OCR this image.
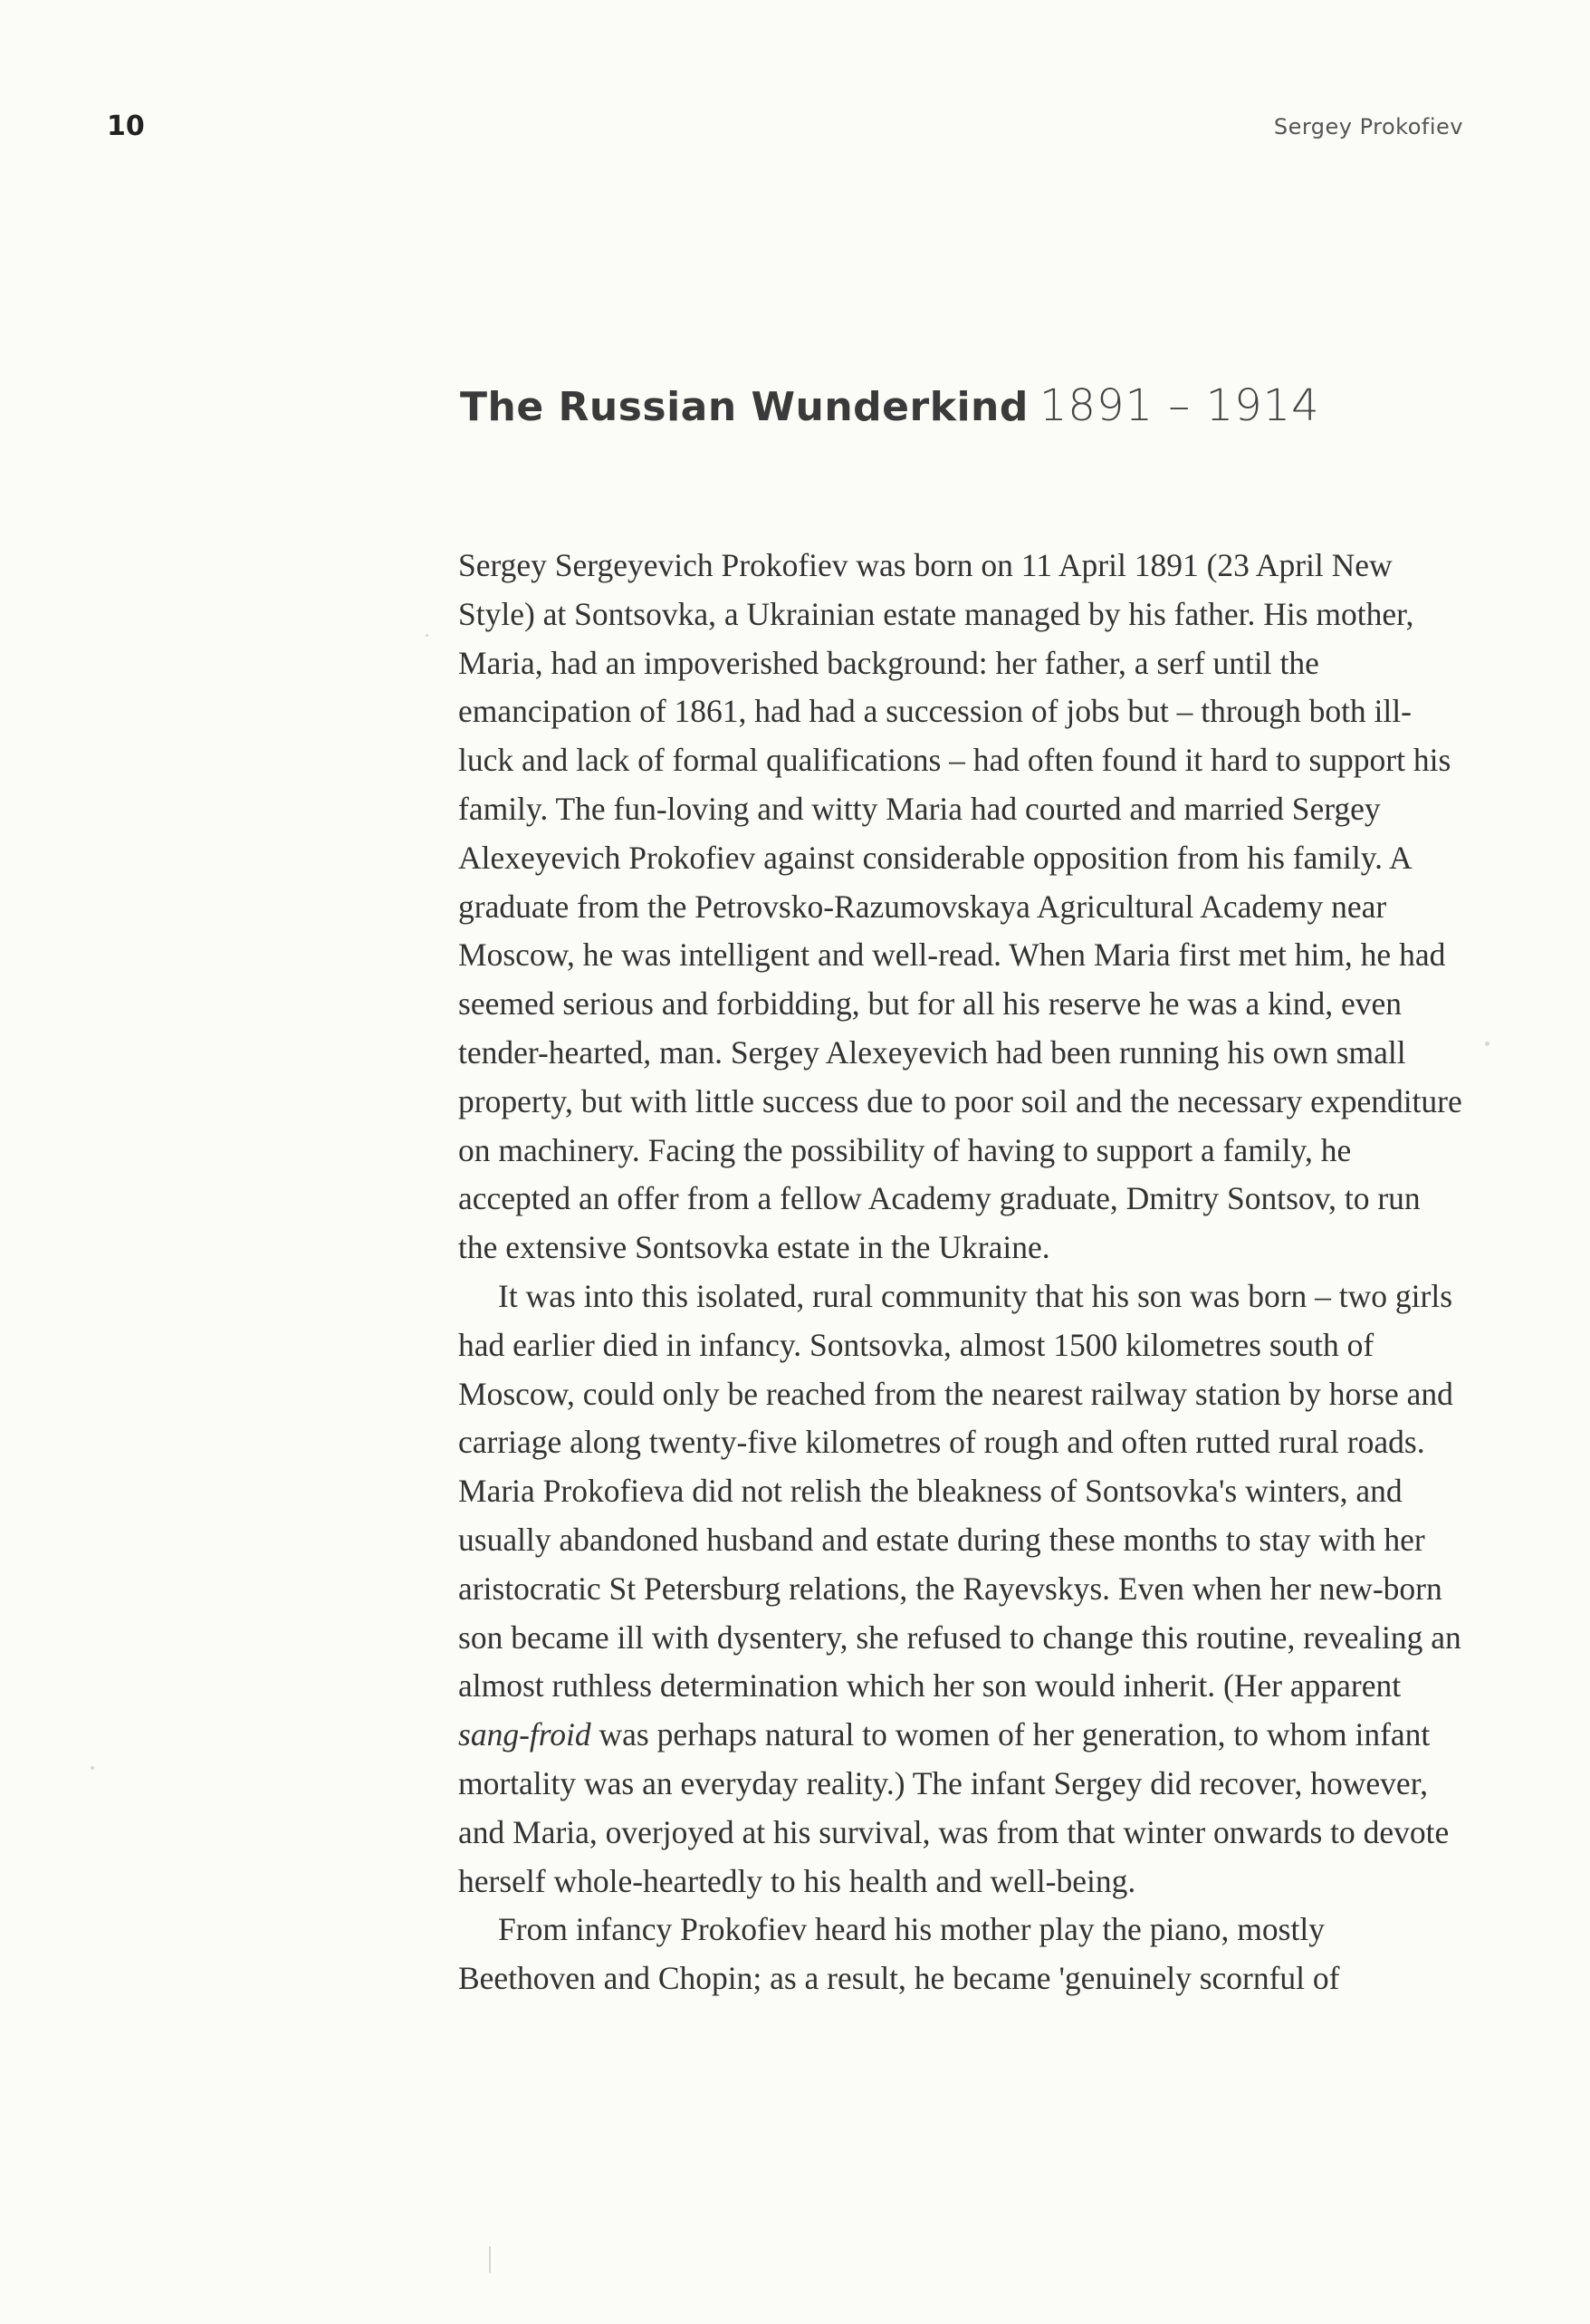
10	Sergey Prokofiev
The Russian Wunderkind 1891 – 1914

Sergey Sergeyevich Prokofiev was born on 11 April 1891 (23 April New Style) at Sontsovka, a Ukrainian estate managed by his father. His mother, Maria, had an impoverished background: her father, a serf until the emancipation of 1861, had had a succession of jobs but – through both ill-luck and lack of formal qualifications – had often found it hard to support his family. The fun-loving and witty Maria had courted and married Sergey Alexeyevich Prokofiev against considerable opposition from his family. A graduate from the Petrovsko-Razumovskaya Agricultural Academy near Moscow, he was intelligent and well-read. When Maria first met him, he had seemed serious and forbidding, but for all his reserve he was a kind, even tender-hearted, man. Sergey Alexeyevich had been running his own small property, but with little success due to poor soil and the necessary expenditure on machinery. Facing the possibility of having to support a family, he accepted an offer from a fellow Academy graduate, Dmitry Sontsov, to run the extensive Sontsovka estate in the Ukraine.

It was into this isolated, rural community that his son was born – two girls had earlier died in infancy. Sontsovka, almost 1500 kilometres south of Moscow, could only be reached from the nearest railway station by horse and carriage along twenty-five kilometres of rough and often rutted rural roads. Maria Prokofieva did not relish the bleakness of Sontsovka's winters, and usually abandoned husband and estate during these months to stay with her aristocratic St Petersburg relations, the Rayevskys. Even when her new-born son became ill with dysentery, she refused to change this routine, revealing an almost ruthless determination which her son would inherit. (Her apparent sang-froid was perhaps natural to women of her generation, to whom infant mortality was an everyday reality.) The infant Sergey did recover, however, and Maria, overjoyed at his survival, was from that winter onwards to devote herself whole-heartedly to his health and well-being.

From infancy Prokofiev heard his mother play the piano, mostly Beethoven and Chopin; as a result, he became 'genuinely scornful of
